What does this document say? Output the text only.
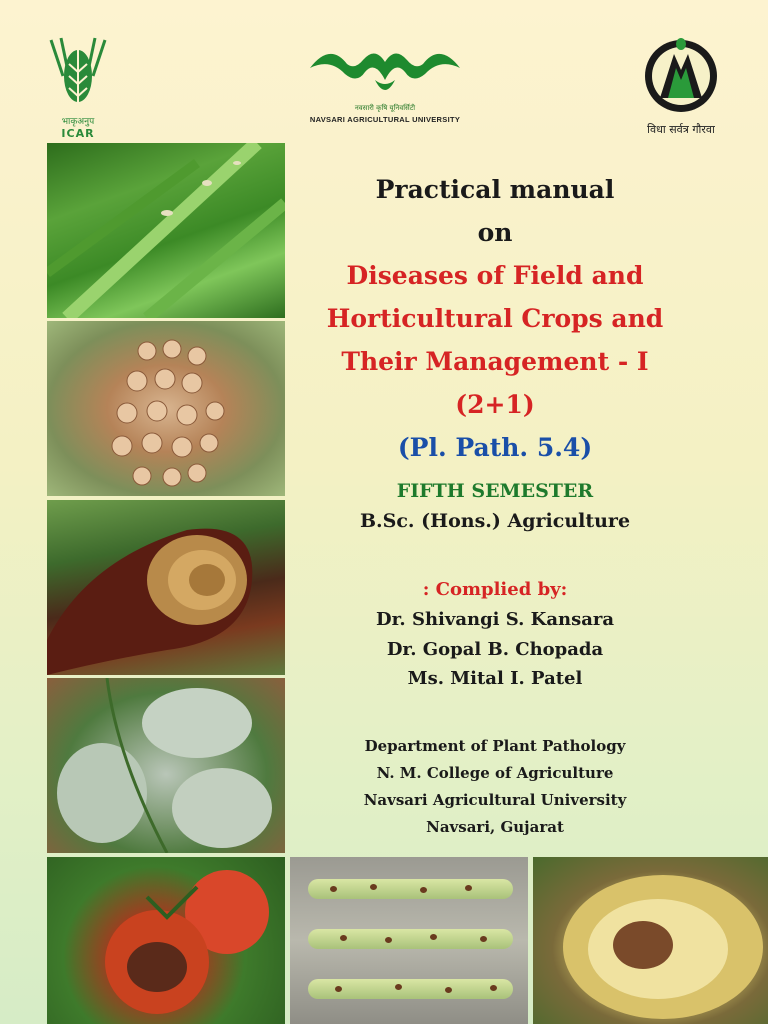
भाकृअनुप
ICAR
नवसारी कृषि यूनिवर्सिटी
NAVSARI AGRICULTURAL UNIVERSITY
विधा सर्वत्र गौरवा
Practical manual
on
Diseases of Field and
Horticultural Crops and
Their Management - I (2+1)
(Pl. Path. 5.4)
FIFTH SEMESTER
B.Sc. (Hons.) Agriculture
: Complied by:
Dr. Shivangi S. Kansara
Dr. Gopal B. Chopada
Ms. Mital I. Patel
Department of Plant Pathology
N. M. College of Agriculture
Navsari Agricultural University
Navsari, Gujarat
